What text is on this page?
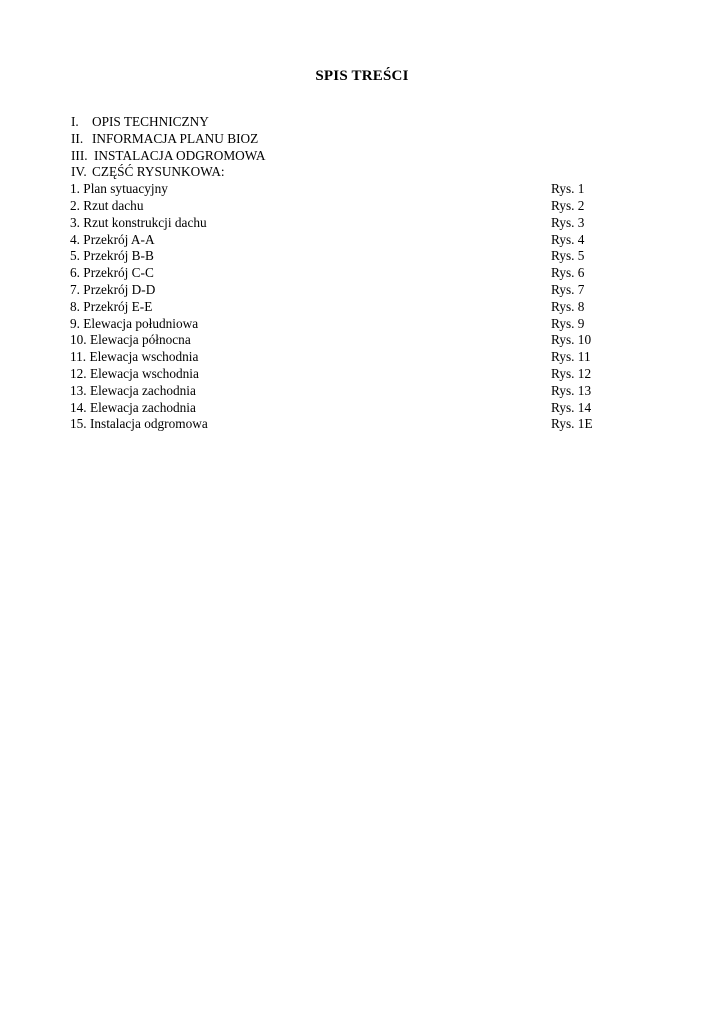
SPIS TREŚCI
I. OPIS TECHNICZNY
II. INFORMACJA PLANU BIOZ
III. INSTALACJA ODGROMOWA
IV. CZĘŚĆ RYSUNKOWA:
1. Plan sytuacyjny	Rys. 1
2. Rzut dachu	Rys. 2
3. Rzut konstrukcji dachu	Rys. 3
4. Przekrój A-A	Rys. 4
5. Przekrój B-B	Rys. 5
6. Przekrój C-C	Rys. 6
7. Przekrój D-D	Rys. 7
8. Przekrój E-E	Rys. 8
9. Elewacja południowa	Rys. 9
10. Elewacja północna	Rys. 10
11. Elewacja wschodnia	Rys. 11
12. Elewacja wschodnia	Rys. 12
13. Elewacja zachodnia	Rys. 13
14. Elewacja zachodnia	Rys. 14
15. Instalacja odgromowa	Rys. 1E
